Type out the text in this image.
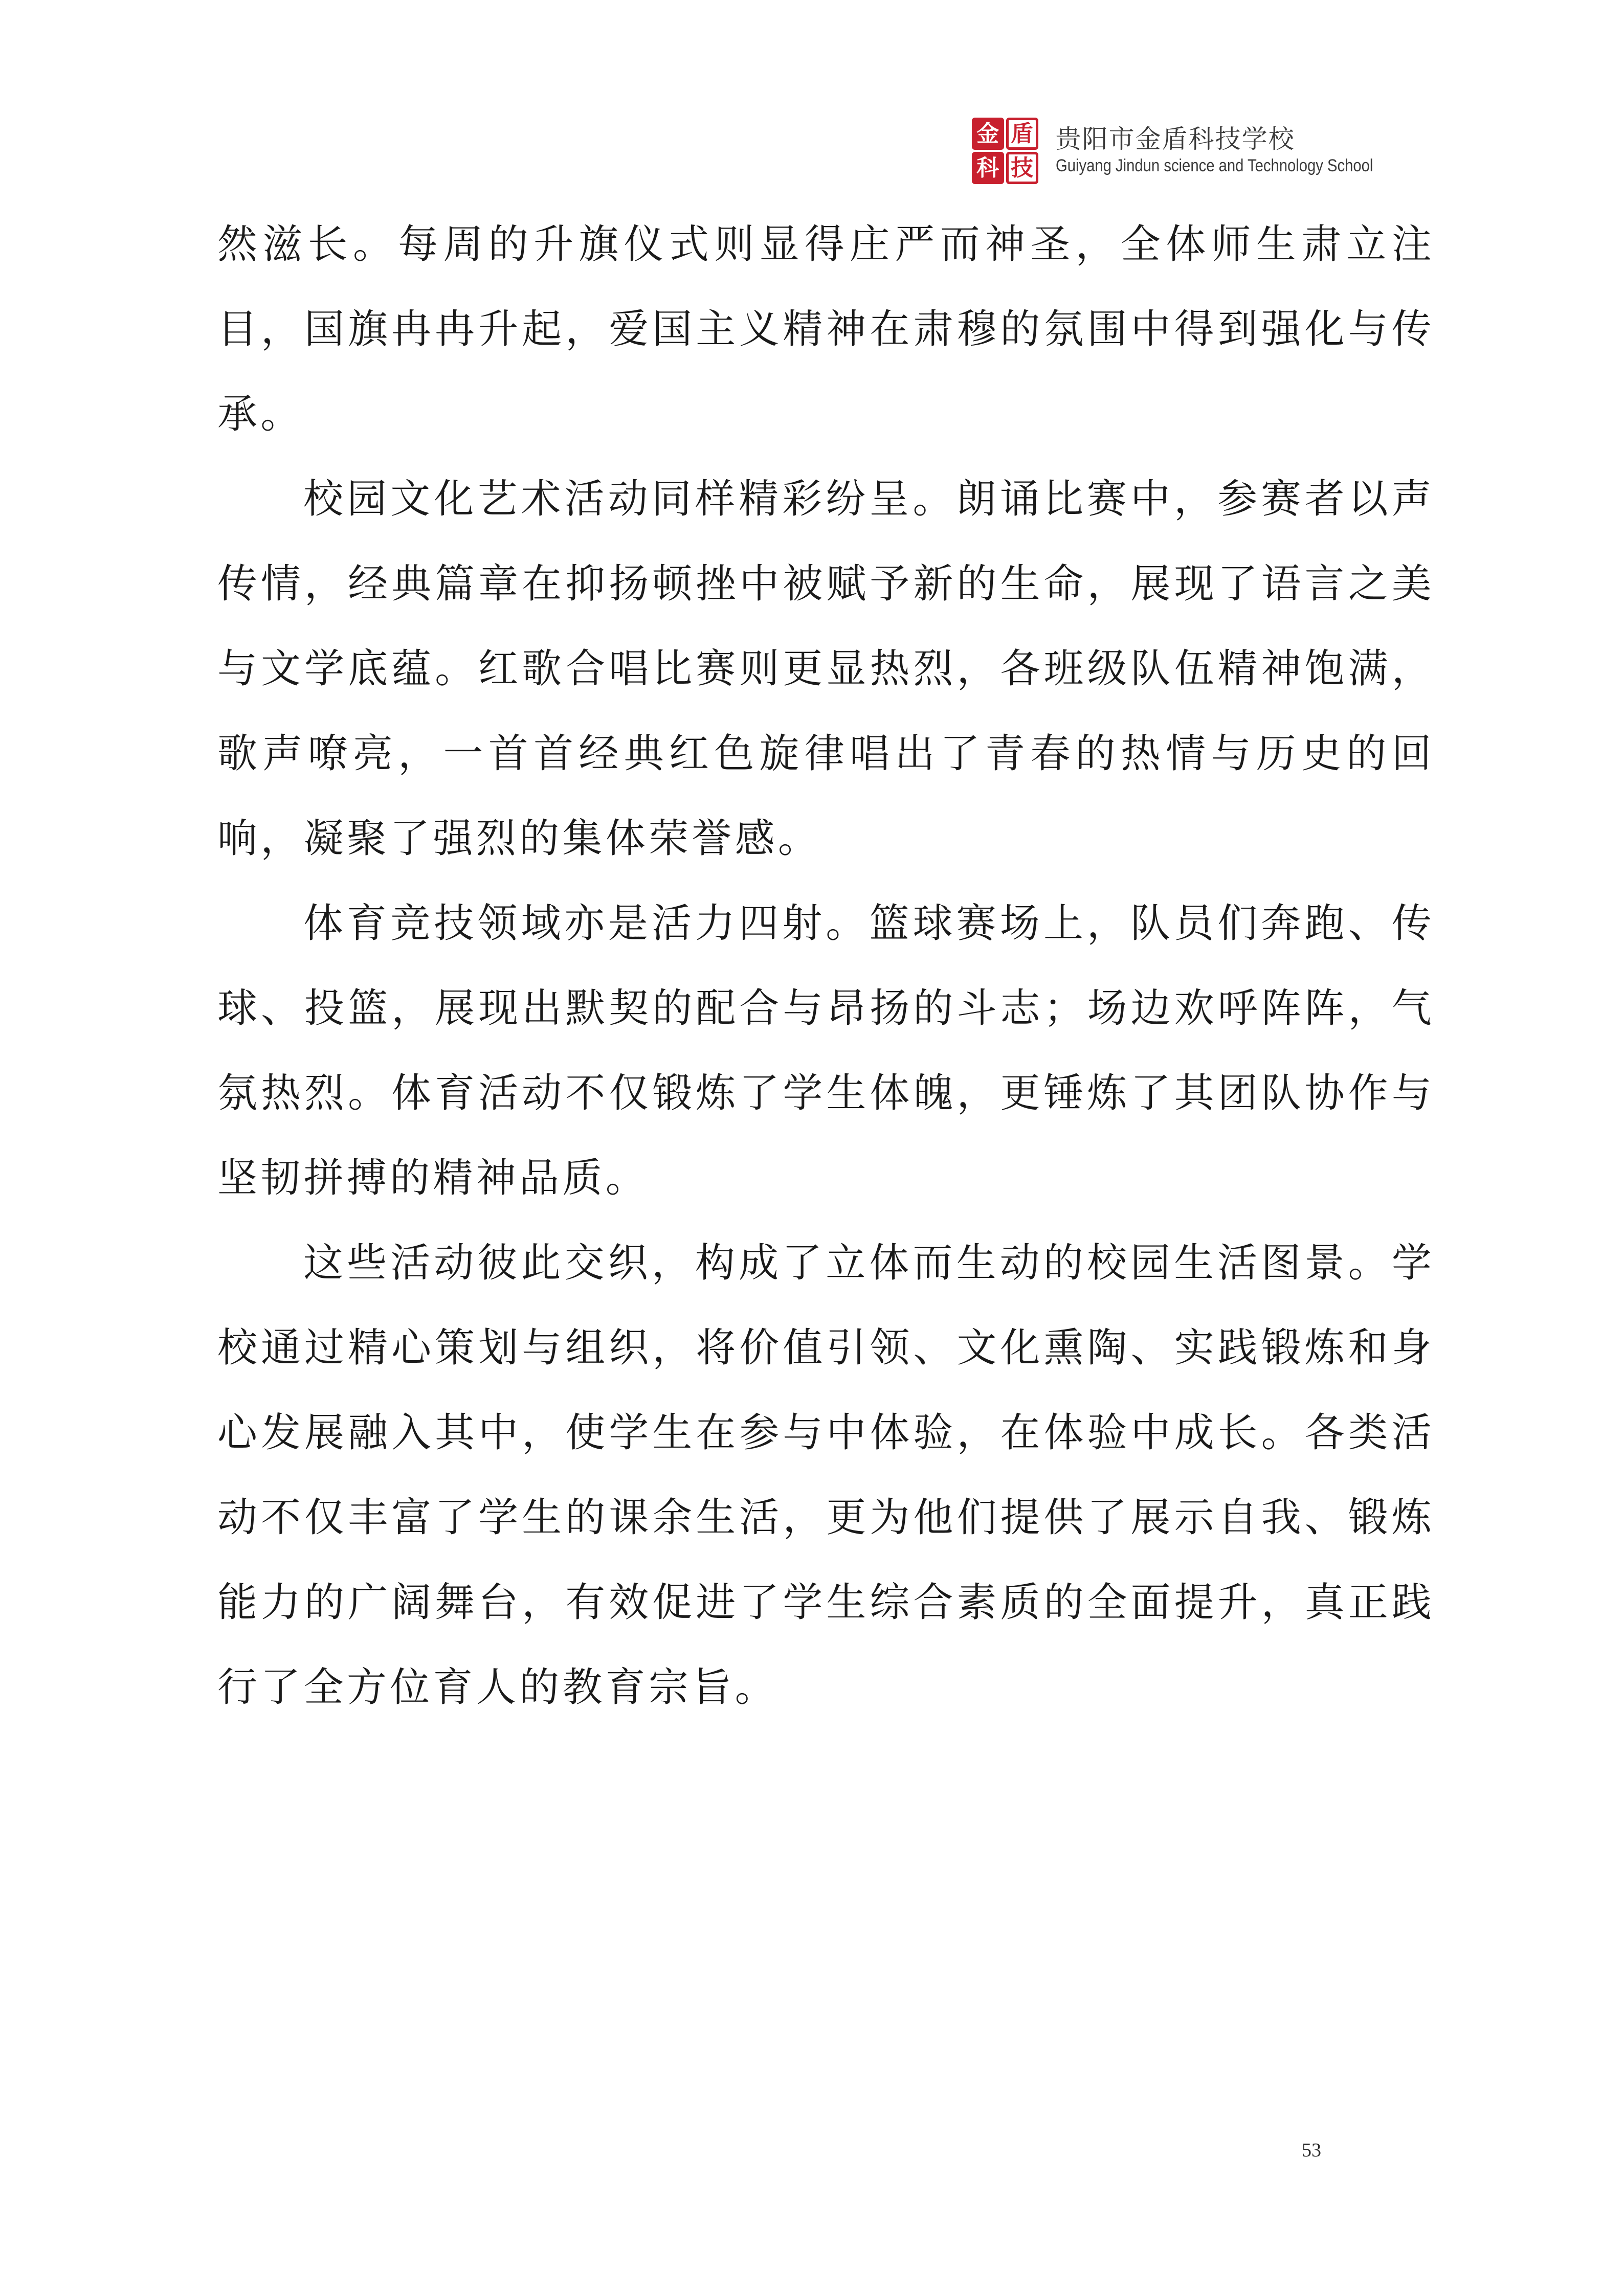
金 盾
科 技
贵阳市金盾科技学校
Guiyang Jindun science and Technology School

然滋长。每周的升旗仪式则显得庄严而神圣，全体师生肃立注目，国旗冉冉升起，爱国主义精神在肃穆的氛围中得到强化与传承。

校园文化艺术活动同样精彩纷呈。朗诵比赛中，参赛者以声传情，经典篇章在抑扬顿挫中被赋予新的生命，展现了语言之美与文学底蕴。红歌合唱比赛则更显热烈，各班级队伍精神饱满，歌声嘹亮，一首首经典红色旋律唱出了青春的热情与历史的回响，凝聚了强烈的集体荣誉感。

体育竞技领域亦是活力四射。篮球赛场上，队员们奔跑、传球、投篮，展现出默契的配合与昂扬的斗志；场边欢呼阵阵，气氛热烈。体育活动不仅锻炼了学生体魄，更锤炼了其团队协作与坚韧拼搏的精神品质。

这些活动彼此交织，构成了立体而生动的校园生活图景。学校通过精心策划与组织，将价值引领、文化熏陶、实践锻炼和身心发展融入其中，使学生在参与中体验，在体验中成长。各类活动不仅丰富了学生的课余生活，更为他们提供了展示自我、锻炼能力的广阔舞台，有效促进了学生综合素质的全面提升，真正践行了全方位育人的教育宗旨。

53
